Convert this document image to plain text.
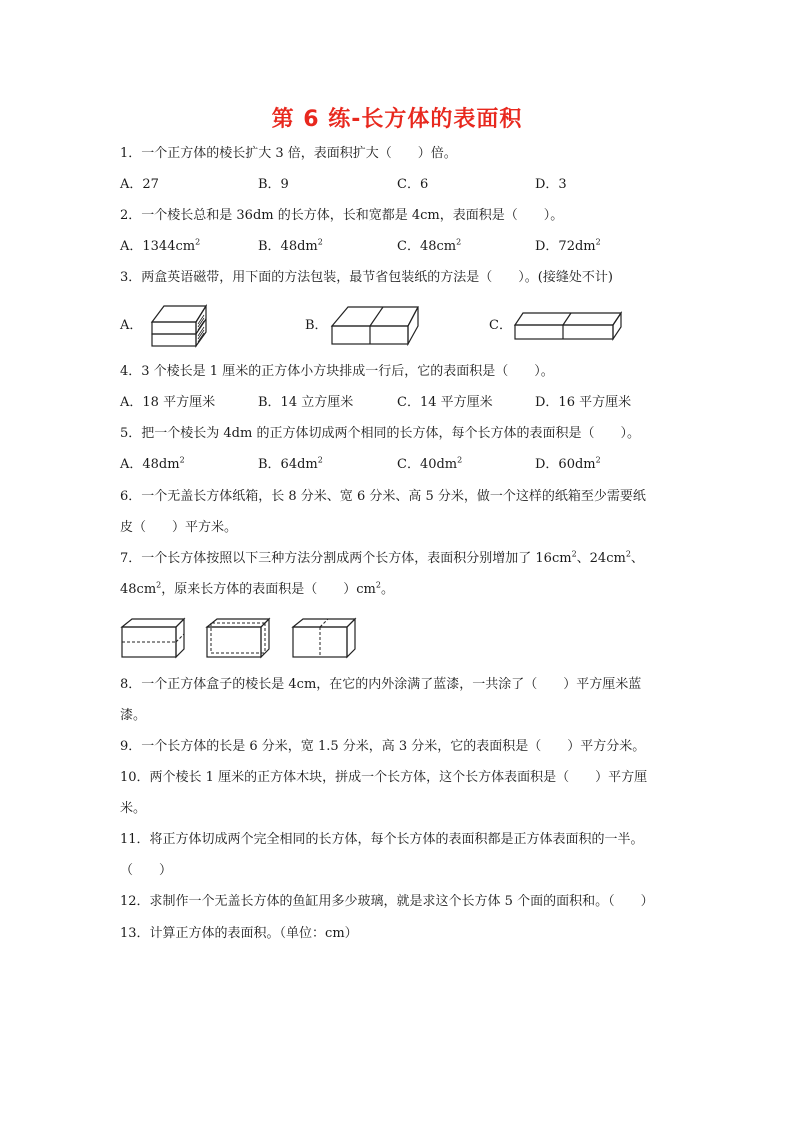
第 6 练-长方体的表面积
1．一个正方体的棱长扩大 3 倍，表面积扩大（　　）倍。
A．27	B．9	C．6	D．3
2．一个棱长总和是 36dm 的长方体，长和宽都是 4cm，表面积是（　　）。
A．$1344cm^2$	B．$48dm^2$	C．$48cm^2$	D．$72dm^2$
3．两盒英语磁带，用下面的方法包装，最节省包装纸的方法是（　　）。(接缝处不计)
A．	B．	C．
4．3 个棱长是 1 厘米的正方体小方块排成一行后，它的表面积是（　　）。
A．18 平方厘米	B．14 立方厘米	C．14 平方厘米	D．16 平方厘米
5．把一个棱长为 4dm 的正方体切成两个相同的长方体，每个长方体的表面积是（　　）。
A．$48dm^2$	B．$64dm^2$	C．$40dm^2$	D．$60dm^2$
6．一个无盖长方体纸箱，长 8 分米、宽 6 分米、高 5 分米，做一个这样的纸箱至少需要纸
皮（　　）平方米。
7．一个长方体按照以下三种方法分割成两个长方体，表面积分别增加了 $16cm^2$、$24cm^2$、
$48cm^2$，原来长方体的表面积是（　　）$cm^2$。
8．一个正方体盒子的棱长是 4cm，在它的内外涂满了蓝漆，一共涂了（　　）平方厘米蓝
漆。
9．一个长方体的长是 6 分米，宽 1.5 分米，高 3 分米，它的表面积是（　　）平方分米。
10．两个棱长 1 厘米的正方体木块，拼成一个长方体，这个长方体表面积是（　　）平方厘
米。
11．将正方体切成两个完全相同的长方体，每个长方体的表面积都是正方体表面积的一半。
（　　）
12．求制作一个无盖长方体的鱼缸用多少玻璃，就是求这个长方体 5 个面的面积和。（　　）
13．计算正方体的表面积。（单位：cm）
